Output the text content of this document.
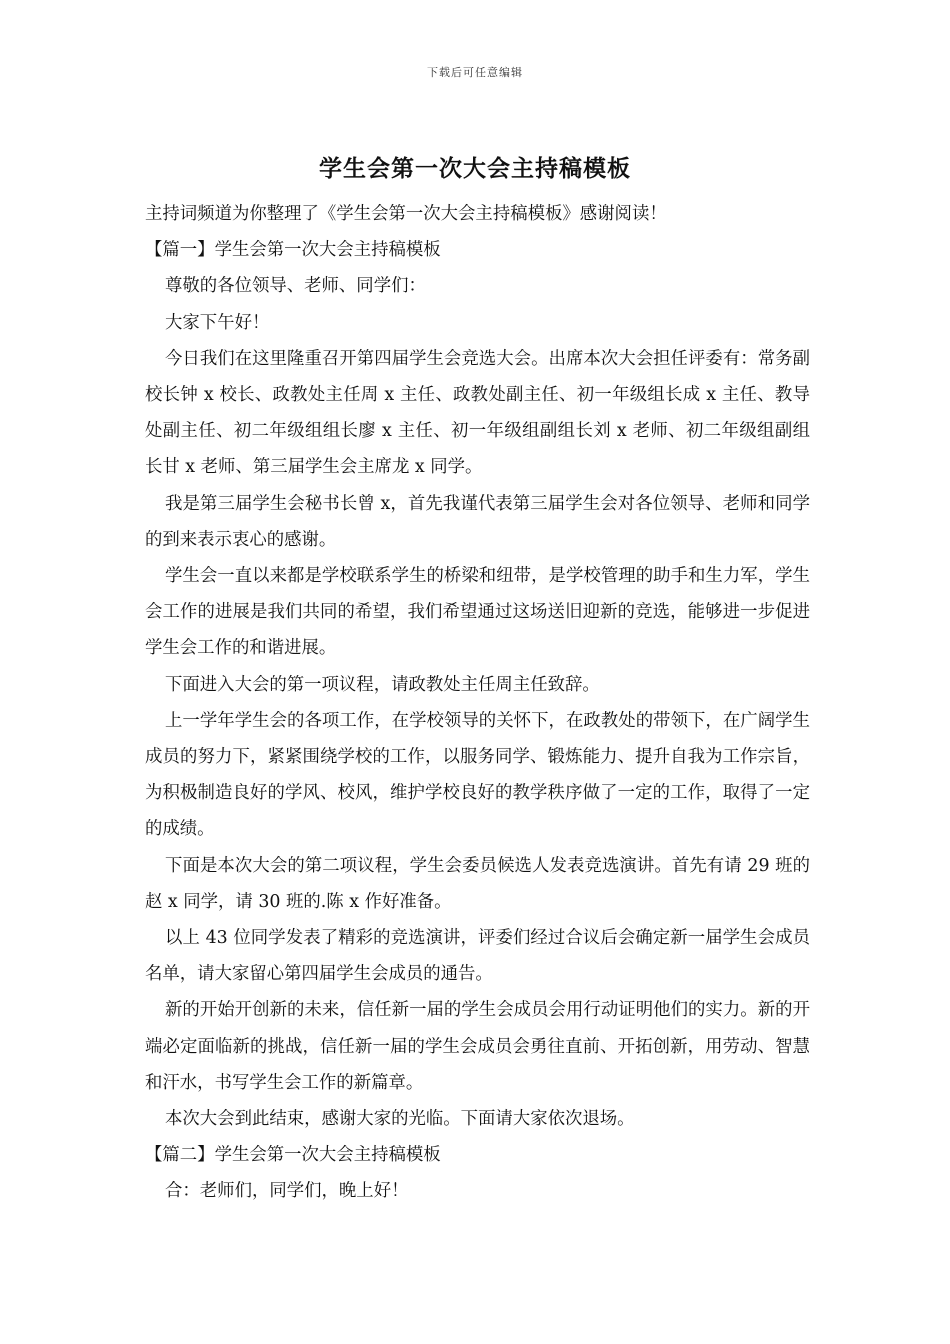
下载后可任意编辑
学生会第一次大会主持稿模板

主持词频道为你整理了《学生会第一次大会主持稿模板》感谢阅读！

【篇一】学生会第一次大会主持稿模板

尊敬的各位领导、老师、同学们：

大家下午好！

今日我们在这里隆重召开第四届学生会竞选大会。出席本次大会担任评委有：常务副校长钟 x 校长、政教处主任周 x 主任、政教处副主任、初一年级组长成 x 主任、教导处副主任、初二年级组组长廖 x 主任、初一年级组副组长刘 x 老师、初二年级组副组长甘 x 老师、第三届学生会主席龙 x 同学。

我是第三届学生会秘书长曾 x，首先我谨代表第三届学生会对各位领导、老师和同学的到来表示衷心的感谢。

学生会一直以来都是学校联系学生的桥梁和纽带，是学校管理的助手和生力军，学生会工作的进展是我们共同的希望，我们希望通过这场送旧迎新的竞选，能够进一步促进学生会工作的和谐进展。

下面进入大会的第一项议程，请政教处主任周主任致辞。

上一学年学生会的各项工作，在学校领导的关怀下，在政教处的带领下，在广阔学生成员的努力下，紧紧围绕学校的工作，以服务同学、锻炼能力、提升自我为工作宗旨，为积极制造良好的学风、校风，维护学校良好的教学秩序做了一定的工作，取得了一定的成绩。

下面是本次大会的第二项议程，学生会委员候选人发表竞选演讲。首先有请 29 班的赵 x 同学，请 30 班的.陈 x 作好准备。

以上 43 位同学发表了精彩的竞选演讲，评委们经过合议后会确定新一届学生会成员名单，请大家留心第四届学生会成员的通告。

新的开始开创新的未来，信任新一届的学生会成员会用行动证明他们的实力。新的开端必定面临新的挑战，信任新一届的学生会成员会勇往直前、开拓创新，用劳动、智慧和汗水，书写学生会工作的新篇章。

本次大会到此结束，感谢大家的光临。下面请大家依次退场。

【篇二】学生会第一次大会主持稿模板

合：老师们，同学们，晚上好！
